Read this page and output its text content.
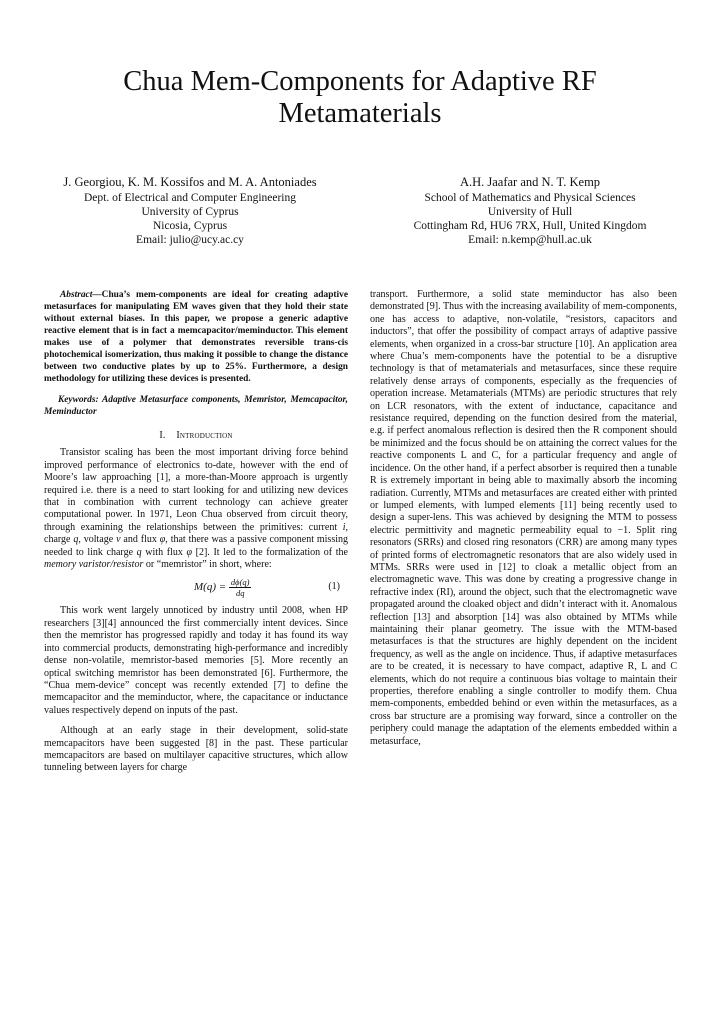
Chua Mem-Components for Adaptive RF
Metamaterials
J. Georgiou, K. M. Kossifos and M. A. Antoniades
Dept. of Electrical and Computer Engineering
University of Cyprus
Nicosia, Cyprus
Email: julio@ucy.ac.cy
A.H. Jaafar and N. T. Kemp
School of Mathematics and Physical Sciences
University of Hull
Cottingham Rd, HU6 7RX, Hull, United Kingdom
Email: n.kemp@hull.ac.uk

Abstract—Chua’s mem-components are ideal for creating adaptive metasurfaces for manipulating EM waves given that they hold their state without external biases. In this paper, we propose a generic adaptive reactive element that is in fact a memcapacitor/meminductor. This element makes use of a polymer that demonstrates reversible trans-cis photochemical isomerization, thus making it possible to change the distance between two conductive plates by up to 25%. Furthermore, a design methodology for utilizing these devices is presented.

Keywords: Adaptive Metasurface components, Memristor, Memcapacitor, Meminductor

I. Introduction

Transistor scaling has been the most important driving force behind improved performance of electronics to-date, however with the end of Moore’s law approaching [1], a more-than-Moore approach is urgently required i.e. there is a need to start looking for and utilizing new devices that in combination with current technology can achieve greater computational power. In 1971, Leon Chua observed from circuit theory, through examining the relationships between the primitives: current i, charge q, voltage v and flux φ, that there was a passive component missing needed to link charge q with flux φ [2]. It led to the formalization of the memory varistor/resistor or “memristor” in short, where:

$M(q) = \frac{d\phi(q)}{dq}$	(1)

This work went largely unnoticed by industry until 2008, when HP researchers [3][4] announced the first commercially intent devices. Since then the memristor has progressed rapidly and today it has found its way into commercial products, demonstrating high-performance and incredibly dense non-volatile, memristor-based memories [5]. More recently an optical switching memristor has been demonstrated [6]. Furthermore, the “Chua mem-device” concept was recently extended [7] to define the memcapacitor and the meminductor, where, the capacitance or inductance values respectively depend on inputs of the past.

Although at an early stage in their development, solid-state memcapacitors have been suggested [8] in the past. These particular memcapacitors are based on multilayer capacitive structures, which allow tunneling between layers for charge

transport. Furthermore, a solid state meminductor has also been demonstrated [9]. Thus with the increasing availability of mem-components, one has access to adaptive, non-volatile, “resistors, capacitors and inductors”, that offer the possibility of compact arrays of adaptive passive elements, when organized in a cross-bar structure [10]. An application area where Chua’s mem-components have the potential to be a disruptive technology is that of metamaterials and metasurfaces, since these require relatively dense arrays of components, especially as the frequencies of operation increase. Metamaterials (MTMs) are periodic structures that rely on LCR resonators, with the extent of inductance, capacitance and resistance required, depending on the function desired from the material, e.g. if perfect anomalous reflection is desired then the R component should be minimized and the focus should be on attaining the correct values for the reactive components L and C, for a particular frequency and angle of incidence. On the other hand, if a perfect absorber is required then a tunable R is extremely important in being able to maximally absorb the incoming radiation. Currently, MTMs and metasurfaces are created either with printed or lumped elements, with lumped elements [11] being recently used to design a super-lens. This was achieved by designing the MTM to possess electric permittivity and magnetic permeability equal to −1. Split ring resonators (SRRs) and closed ring resonators (CRR) are among many types of printed forms of electromagnetic resonators that are also widely used in MTMs. SRRs were used in [12] to cloak a metallic object from an electromagnetic wave. This was done by creating a progressive change in refractive index (RI), around the object, such that the electromagnetic wave propagated around the cloaked object and didn’t interact with it. Anomalous reflection [13] and absorption [14] was also obtained by MTMs while maintaining their planar geometry. The issue with the MTM-based metasurfaces is that the structures are highly dependent on the incident frequency, as well as the angle on incidence. Thus, if adaptive metasurfaces are to be created, it is necessary to have compact, adaptive R, L and C elements, which do not require a continuous bias voltage to maintain their properties, therefore enabling a single controller to modify them. Chua mem-components, embedded behind or even within the metasurfaces, as a cross bar structure are a promising way forward, since a controller on the periphery could manage the adaptation of the elements embedded within a metasurface,
